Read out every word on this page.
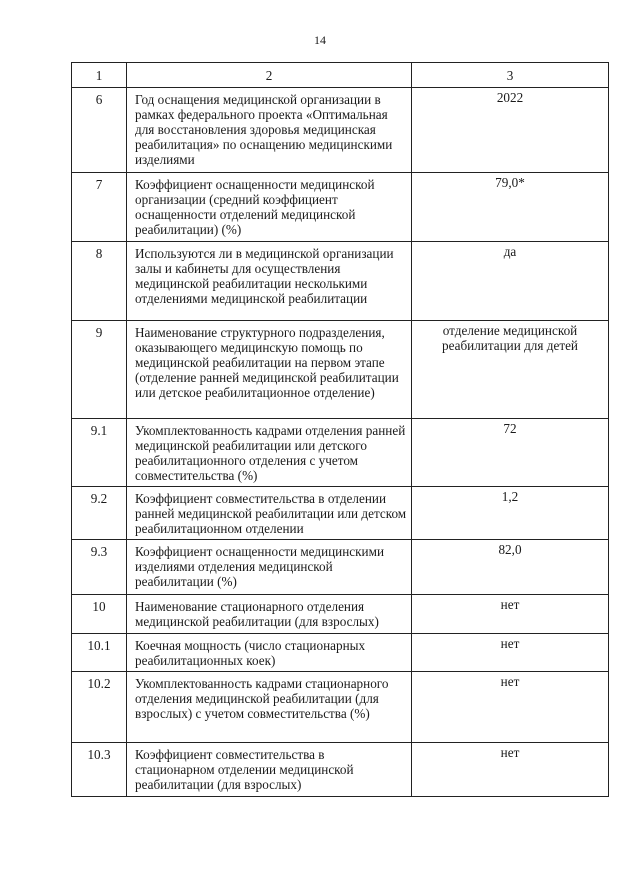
14
1	2	3
6	Год оснащения медицинской организации в рамках федерального проекта «Оптимальная для восстановления здоровья медицинская реабилитация» по оснащению медицинскими изделиями	2022
7	Коэффициент оснащенности медицинской организации (средний коэффициент оснащенности отделений медицинской реабилитации) (%)	79,0*
8	Используются ли в медицинской организации залы и кабинеты для осуществления медицинской реабилитации несколькими отделениями медицинской реабилитации	да
9	Наименование структурного подразделения, оказывающего медицинскую помощь по медицинской реабилитации на первом этапе (отделение ранней медицинской реабилитации или детское реабилитационное отделение)	отделение медицинской реабилитации для детей
9.1	Укомплектованность кадрами отделения ранней медицинской реабилитации или детского реабилитационного отделения с учетом совместительства (%)	72
9.2	Коэффициент совместительства в отделении ранней медицинской реабилитации или детском реабилитационном отделении	1,2
9.3	Коэффициент оснащенности медицинскими изделиями отделения медицинской реабилитации (%)	82,0
10	Наименование стационарного отделения медицинской реабилитации (для взрослых)	нет
10.1	Коечная мощность (число стационарных реабилитационных коек)	нет
10.2	Укомплектованность кадрами стационарного отделения медицинской реабилитации (для взрослых) с учетом совместительства (%)	нет
10.3	Коэффициент совместительства в стационарном отделении медицинской реабилитации (для взрослых)	нет
